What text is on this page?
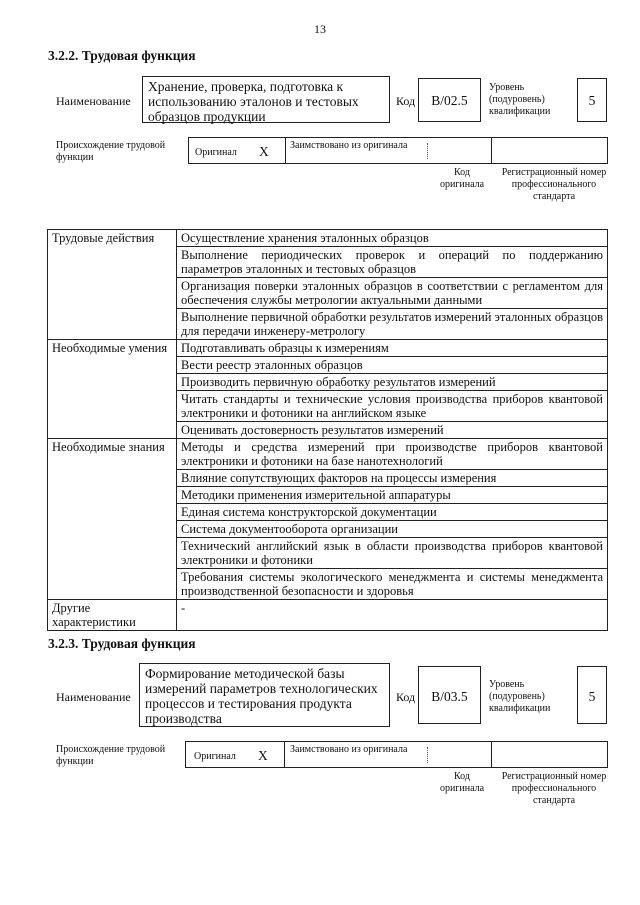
13
3.2.2. Трудовая функция
Наименование
Хранение, проверка, подготовка к использованию эталонов и тестовых образцов продукции
Код	B/02.5
Уровень (подуровень) квалификации
5
Происхождение трудовой функции	Оригинал X Заимствовано из оригинала
Код оригинала
Регистрационный номер профессионального стандарта
Трудовые действия	Осуществление хранения эталонных образцов
	Выполнение периодических проверок и операций по поддержанию параметров эталонных и тестовых образцов
	Организация поверки эталонных образцов в соответствии с регламентом для обеспечения службы метрологии актуальными данными
	Выполнение первичной обработки результатов измерений эталонных образцов для передачи инженеру-метрологу
Необходимые умения	Подготавливать образцы к измерениям
	Вести реестр эталонных образцов
	Производить первичную обработку результатов измерений
	Читать стандарты и технические условия производства приборов квантовой электроники и фотоники на английском языке
	Оценивать достоверность результатов измерений
Необходимые знания	Методы и средства измерений при производстве приборов квантовой электроники и фотоники на базе нанотехнологий
	Влияние сопутствующих факторов на процессы измерения
	Методики применения измерительной аппаратуры
	Единая система конструкторской документации
	Система документооборота организации
	Технический английский язык в области производства приборов квантовой электроники и фотоники
	Требования системы экологического менеджмента и системы менеджмента производственной безопасности и здоровья
Другие характеристики	-
3.2.3. Трудовая функция
Наименование
Формирование методической базы измерений параметров технологических процессов и тестирования продукта производства
Код	B/03.5
Уровень (подуровень) квалификации
5
Происхождение трудовой функции	Оригинал X Заимствовано из оригинала
Код оригинала
Регистрационный номер профессионального стандарта
